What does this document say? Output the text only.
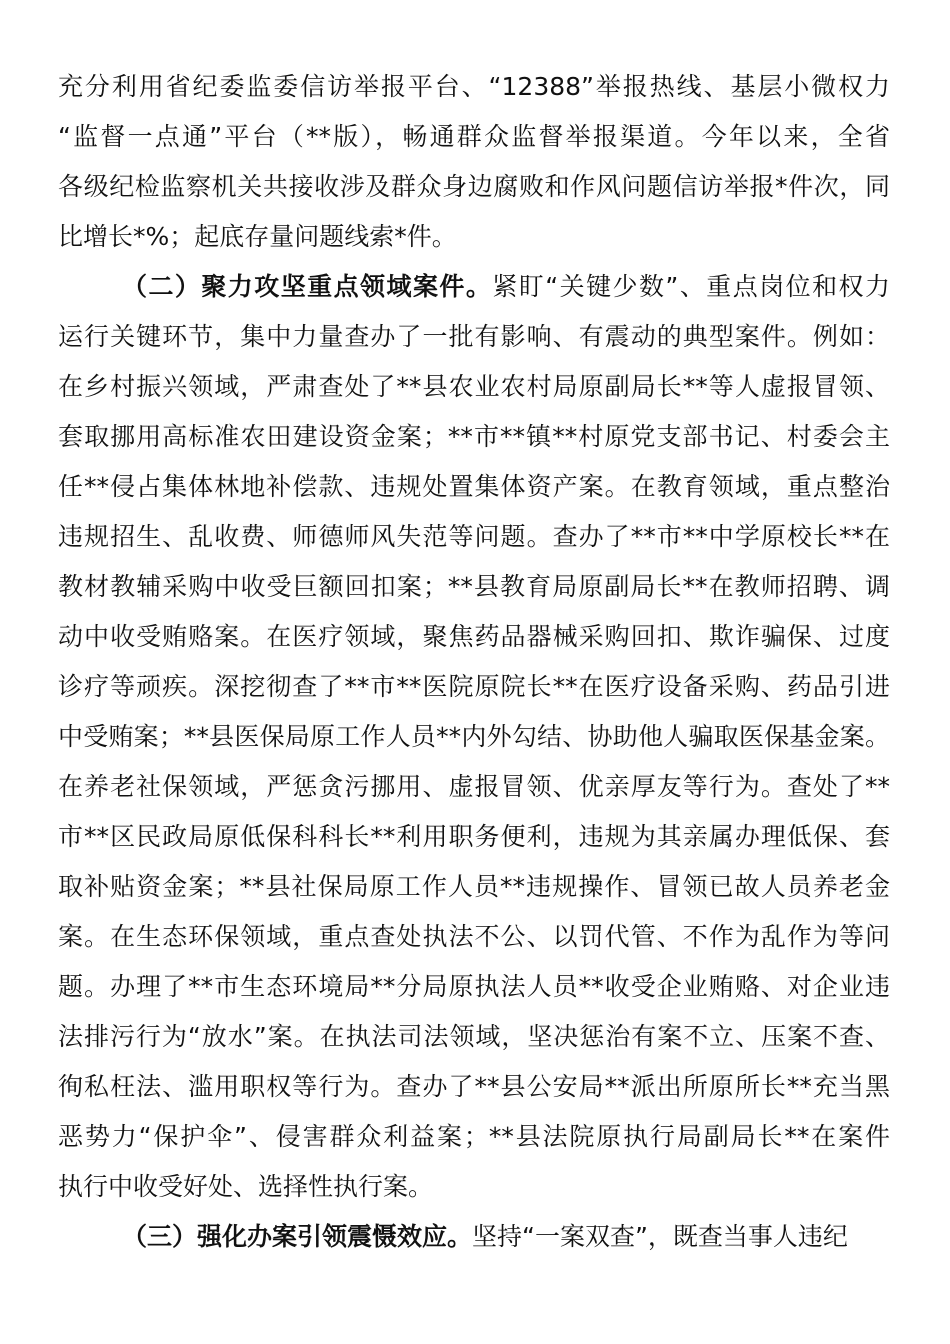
充分利用省纪委监委信访举报平台、“12388”举报热线、基层小微权力
“监督一点通”平台（**版），畅通群众监督举报渠道。今年以来，全省
各级纪检监察机关共接收涉及群众身边腐败和作风问题信访举报*件次，同
比增长*%；起底存量问题线索*件。
（二）聚力攻坚重点领域案件。紧盯“关键少数”、重点岗位和权力
运行关键环节，集中力量查办了一批有影响、有震动的典型案件。例如：
在乡村振兴领域，严肃查处了**县农业农村局原副局长**等人虚报冒领、
套取挪用高标准农田建设资金案；**市**镇**村原党支部书记、村委会主
任**侵占集体林地补偿款、违规处置集体资产案。在教育领域，重点整治
违规招生、乱收费、师德师风失范等问题。查办了**市**中学原校长**在
教材教辅采购中收受巨额回扣案；**县教育局原副局长**在教师招聘、调
动中收受贿赂案。在医疗领域，聚焦药品器械采购回扣、欺诈骗保、过度
诊疗等顽疾。深挖彻查了**市**医院原院长**在医疗设备采购、药品引进
中受贿案；**县医保局原工作人员**内外勾结、协助他人骗取医保基金案。
在养老社保领域，严惩贪污挪用、虚报冒领、优亲厚友等行为。查处了**
市**区民政局原低保科科长**利用职务便利，违规为其亲属办理低保、套
取补贴资金案；**县社保局原工作人员**违规操作、冒领已故人员养老金
案。在生态环保领域，重点查处执法不公、以罚代管、不作为乱作为等问
题。办理了**市生态环境局**分局原执法人员**收受企业贿赂、对企业违
法排污行为“放水”案。在执法司法领域，坚决惩治有案不立、压案不查、
徇私枉法、滥用职权等行为。查办了**县公安局**派出所原所长**充当黑
恶势力“保护伞”、侵害群众利益案；**县法院原执行局副局长**在案件
执行中收受好处、选择性执行案。
（三）强化办案引领震慑效应。坚持“一案双查”，既查当事人违纪
